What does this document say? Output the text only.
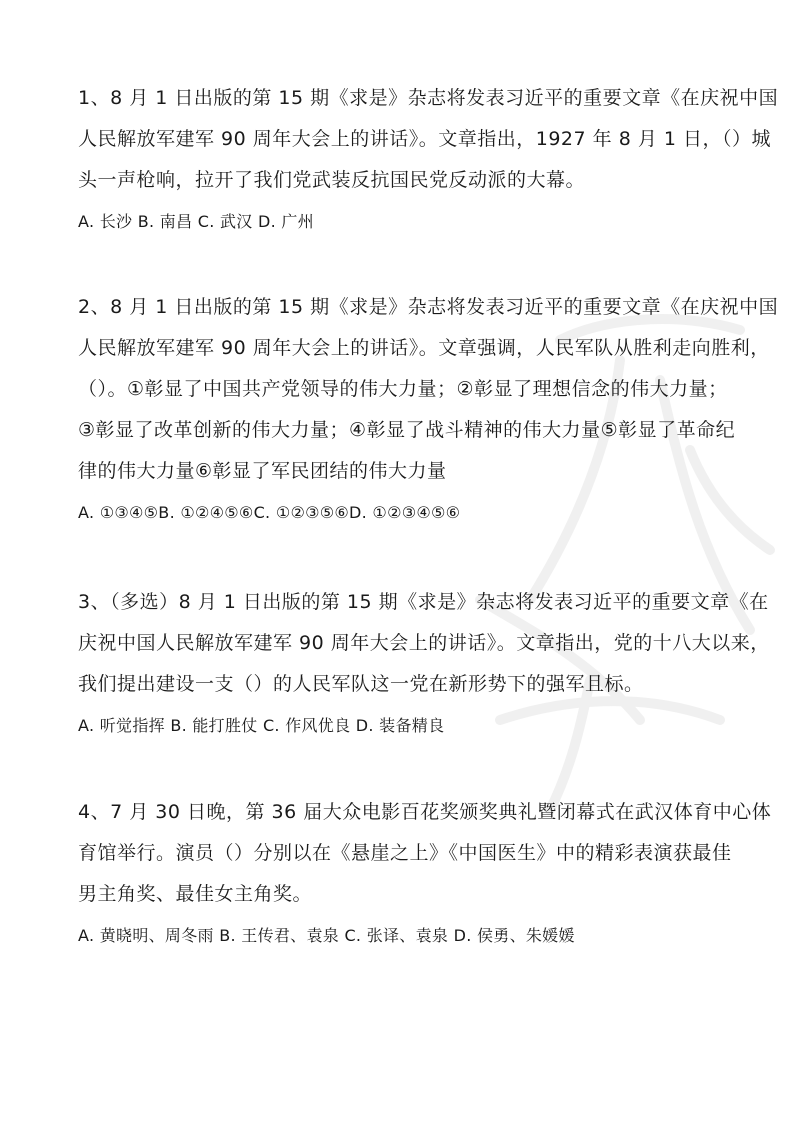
1、8 月 1 日出版的第 15 期《求是》杂志将发表习近平的重要文章《在庆祝中国
人民解放军建军 90 周年大会上的讲话》。文章指出，1927 年 8 月 1 日，（）城
头一声枪响，拉开了我们党武装反抗国民党反动派的大幕。
A. 长沙 B. 南昌 C. 武汉 D. 广州
2、8 月 1 日出版的第 15 期《求是》杂志将发表习近平的重要文章《在庆祝中国
人民解放军建军 90 周年大会上的讲话》。文章强调，人民军队从胜利走向胜利，
（）。①彰显了中国共产党领导的伟大力量；②彰显了理想信念的伟大力量；
③彰显了改革创新的伟大力量；④彰显了战斗精神的伟大力量⑤彰显了革命纪
律的伟大力量⑥彰显了军民团结的伟大力量
A. ①③④⑤B. ①②④⑤⑥C. ①②③⑤⑥D. ①②③④⑤⑥
3、（多选）8 月 1 日出版的第 15 期《求是》杂志将发表习近平的重要文章《在
庆祝中国人民解放军建军 90 周年大会上的讲话》。文章指出，党的十八大以来，
我们提出建设一支（）的人民军队这一党在新形势下的强军且标。
A. 听觉指挥 B. 能打胜仗 C. 作风优良 D. 装备精良
4、7 月 30 日晚，第 36 届大众电影百花奖颁奖典礼暨闭幕式在武汉体育中心体
育馆举行。演员（）分别以在《悬崖之上》《中国医生》中的精彩表演获最佳
男主角奖、最佳女主角奖。
A. 黄晓明、周冬雨 B. 王传君、袁泉 C. 张译、袁泉 D. 侯勇、朱媛媛
